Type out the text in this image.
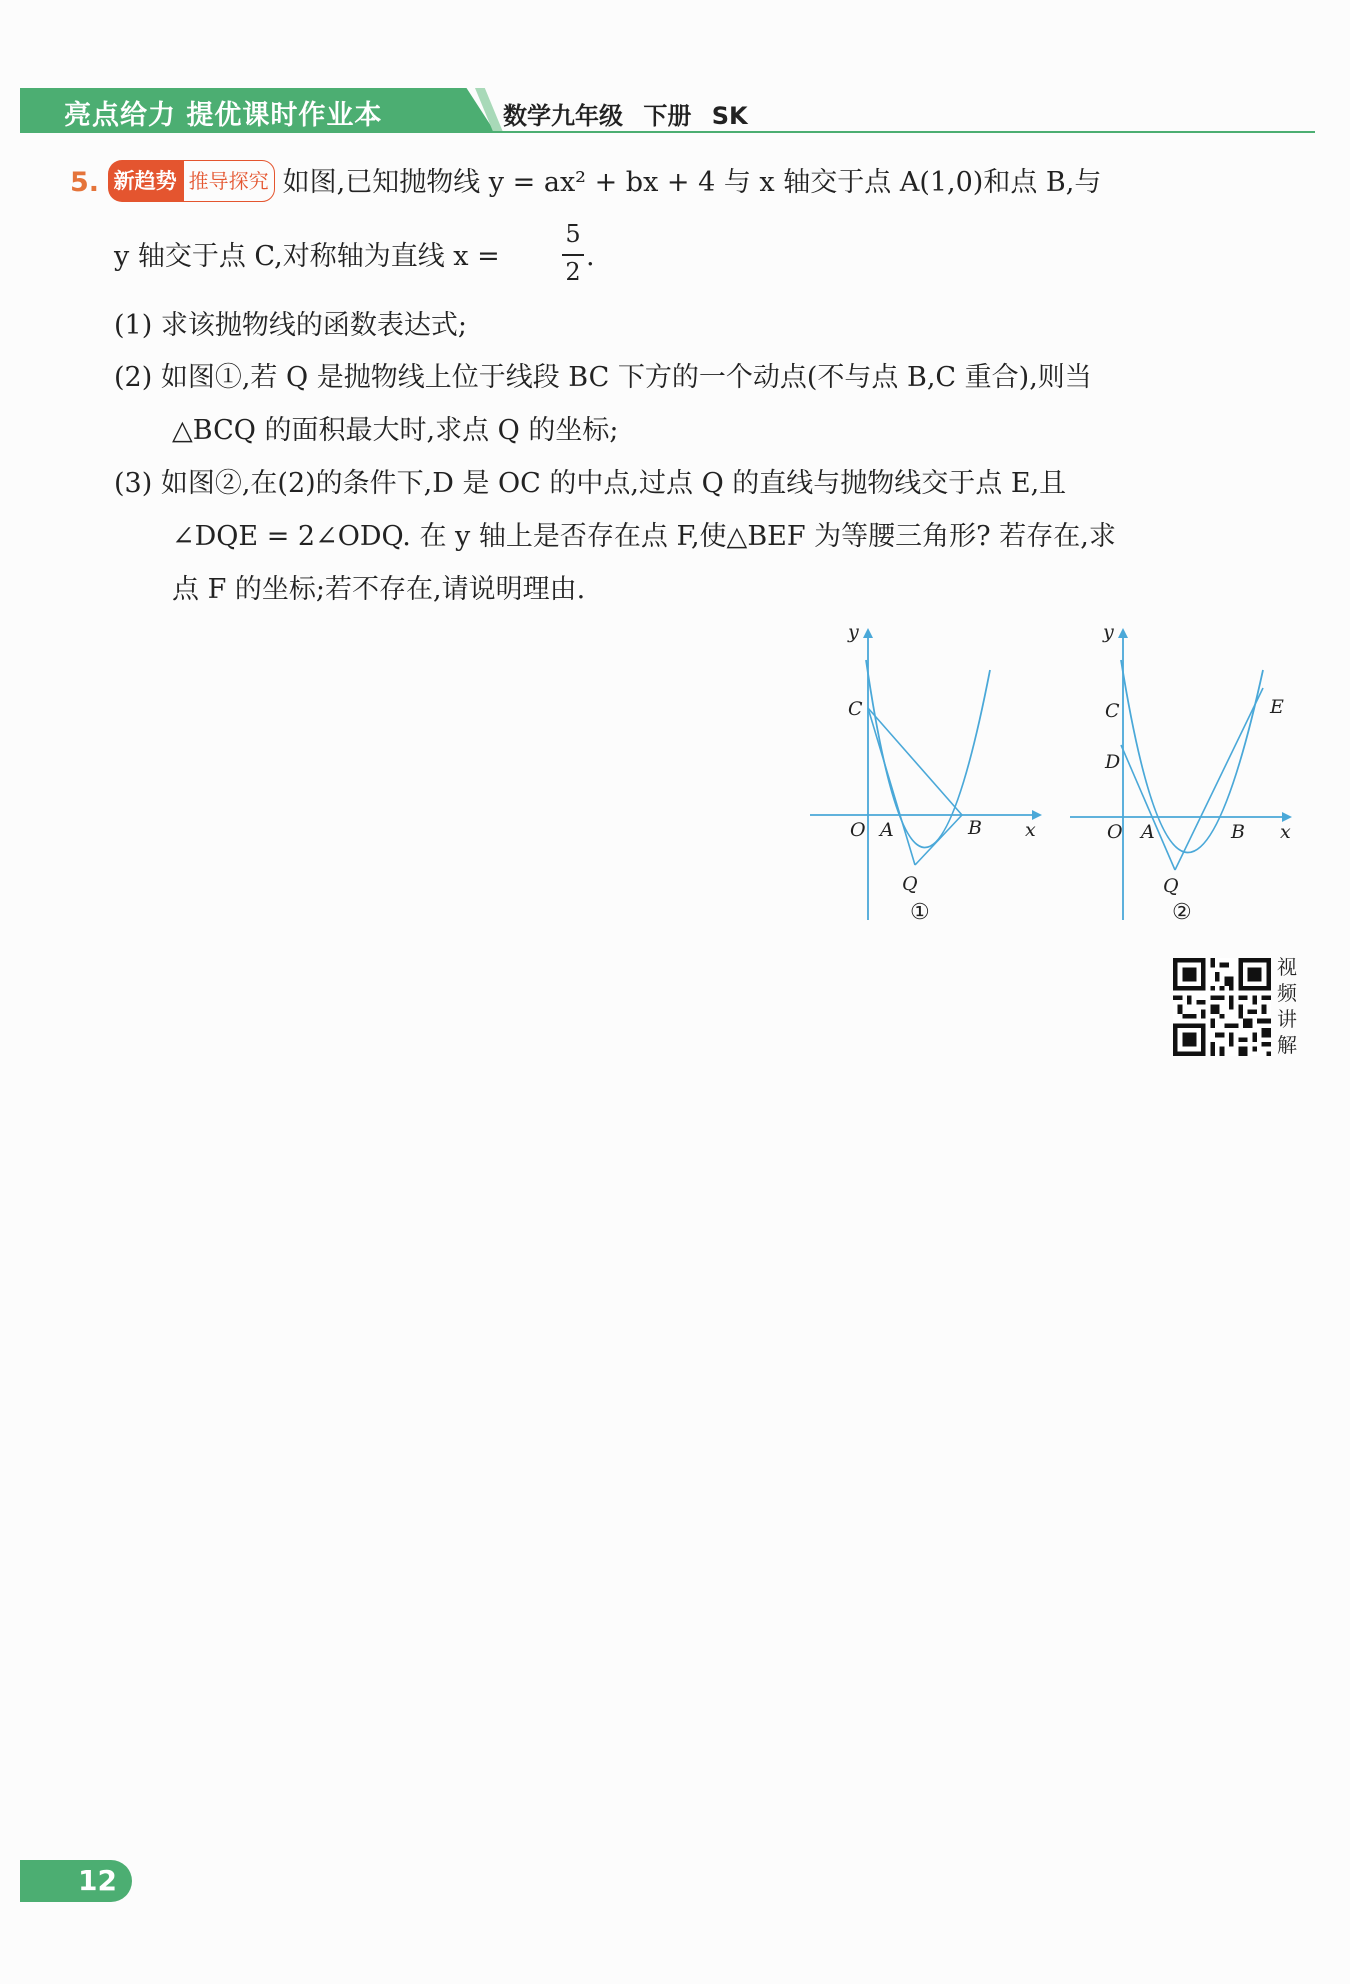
亮点给力 提优课时作业本	数学九年级 下册 SK
5. 新趋势 推导探究 如图,已知抛物线 y = ax² + bx + 4 与 x 轴交于点 A(1,0)和点 B,与
y 轴交于点 C,对称轴为直线 x =
5
2 .
(1) 求该抛物线的函数表达式;
(2) 如图①,若 Q 是抛物线上位于线段 BC 下方的一个动点(不与点 B,C 重合),则当
△BCQ 的面积最大时,求点 Q 的坐标;
(3) 如图②,在(2)的条件下,D 是 OC 的中点,过点 Q 的直线与抛物线交于点 E,且
∠DQE = 2∠ODQ. 在 y 轴上是否存在点 F,使△BEF 为等腰三角形? 若存在,求
点 F 的坐标;若不存在,请说明理由.
y
x
O A	B
C
Q
①
y
x
O A	B
C
D
E
Q
②
视
频
讲
解
12
